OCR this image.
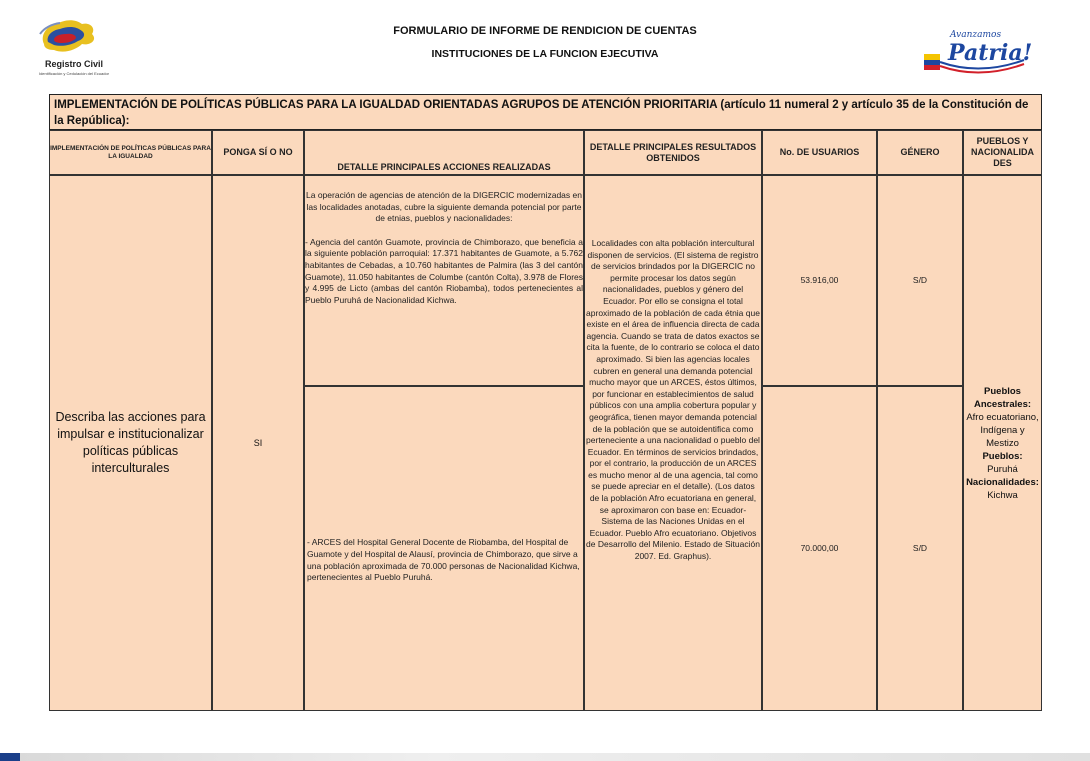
Registro Civil
Identificación y Cedulación del Ecuador
FORMULARIO DE INFORME DE RENDICION DE CUENTAS
INSTITUCIONES DE LA FUNCION EJECUTIVA
Avanzamos
Patria!
IMPLEMENTACIÓN DE POLÍTICAS PÚBLICAS PARA LA IGUALDAD ORIENTADAS AGRUPOS DE ATENCIÓN PRIORITARIA (artículo 11 numeral 2 y artículo 35 de la Constitución de la República):
IMPLEMENTACIÓN DE POLÍTICAS PÚBLICAS PARA LA IGUALDAD	PONGA SÍ O NO
DETALLE PRINCIPALES ACCIONES REALIZADAS
DETALLE PRINCIPALES RESULTADOS OBTENIDOS
No. DE USUARIOS	GÉNERO
PUEBLOS Y NACIONALIDA DES
Describa las acciones para impulsar e institucionalizar políticas públicas interculturales
SI
La operación de agencias de atención de la DIGERCIC modernizadas en las localidades anotadas, cubre la siguiente demanda potencial por parte de etnias, pueblos y nacionalidades:
- Agencia del cantón Guamote, provincia de Chimborazo, que beneficia a la siguiente población parroquial: 17.371 habitantes de Guamote, a 5.762 habitantes de Cebadas, a 10.760 habitantes de Palmira (las 3 del cantón Guamote), 11.050 habitantes de Columbe (cantón Colta), 3.978 de Flores y 4.995 de Licto (ambas del cantón Riobamba), todos pertenecientes al Pueblo Puruhá de Nacionalidad Kichwa.
- ARCES del Hospital General Docente de Riobamba, del Hospital de Guamote y del Hospital de Alausí, provincia de Chimborazo, que sirve a una población aproximada de 70.000 personas de Nacionalidad Kichwa, pertenecientes al Pueblo Puruhá.
Localidades con alta población intercultural disponen de servicios. (El sistema de registro de servicios brindados por la DIGERCIC no permite procesar los datos según nacionalidades, pueblos y género del Ecuador. Por ello se consigna el total aproximado de la población de cada étnia que existe en el área de influencia directa de cada agencia. Cuando se trata de datos exactos se cita la fuente, de lo contrario se coloca el dato aproximado. Si bien las agencias locales cubren en general una demanda potencial mucho mayor que un ARCES, éstos últimos, por funcionar en establecimientos de salud públicos con una amplia cobertura popular y geográfica, tienen mayor demanda potencial de la población que se autoidentifica como perteneciente a una nacionalidad o pueblo del Ecuador. En términos de servicios brindados, por el contrario, la producción de un ARCES es mucho menor al de una agencia, tal como se puede apreciar en el detalle). (Los datos de la población Afro ecuatoriana en general, se aproximaron con base en: Ecuador-Sistema de las Naciones Unidas en el Ecuador. Pueblo Afro ecuatoriano. Objetivos de Desarrollo del Milenio. Estado de Situación 2007. Ed. Graphus).
53.916,00
70.000,00
S/D
S/D
Pueblos Ancestrales:
Afro ecuatoriano, Indígena y Mestizo
Pueblos:
Puruhá
Nacionalidades:
Kichwa
